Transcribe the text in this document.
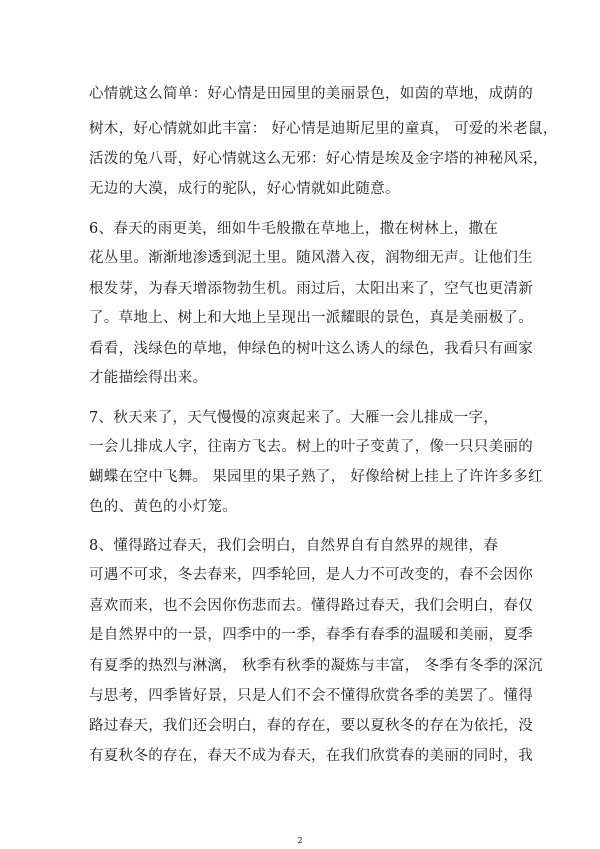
心情就这么简单：好心情是田园里的美丽景色，如茵的草地，成荫的
树木，好心情就如此丰富： 好心情是迪斯尼里的童真， 可爱的米老鼠，
活泼的兔八哥，好心情就这么无邪：好心情是埃及金字塔的神秘风采，
无边的大漠，成行的驼队，好心情就如此随意。
6、春天的雨更美，细如牛毛般撒在草地上，撒在树林上，撒在
花丛里。渐渐地渗透到泥土里。随风潜入夜，润物细无声。让他们生
根发芽，为春天增添物勃生机。雨过后，太阳出来了，空气也更清新
了。草地上、树上和大地上呈现出一派耀眼的景色，真是美丽极了。
看看，浅绿色的草地，伸绿色的树叶这么诱人的绿色，我看只有画家
才能描绘得出来。
7、秋天来了，天气慢慢的凉爽起来了。大雁一会儿排成一字，
一会儿排成人字，往南方飞去。树上的叶子变黄了，像一只只美丽的
蝴蝶在空中飞舞。 果园里的果子熟了， 好像给树上挂上了许许多多红
色的、黄色的小灯笼。
8、懂得路过春天，我们会明白，自然界自有自然界的规律，春
可遇不可求，冬去春来，四季轮回，是人力不可改变的，春不会因你
喜欢而来，也不会因你伤悲而去。懂得路过春天，我们会明白，春仅
是自然界中的一景，四季中的一季，春季有春季的温暖和美丽，夏季
有夏季的热烈与淋漓， 秋季有秋季的凝炼与丰富， 冬季有冬季的深沉
与思考，四季皆好景，只是人们不会不懂得欣赏各季的美罢了。懂得
路过春天，我们还会明白，春的存在，要以夏秋冬的存在为依托，没
有夏秋冬的存在，春天不成为春天，在我们欣赏春的美丽的同时，我
2
